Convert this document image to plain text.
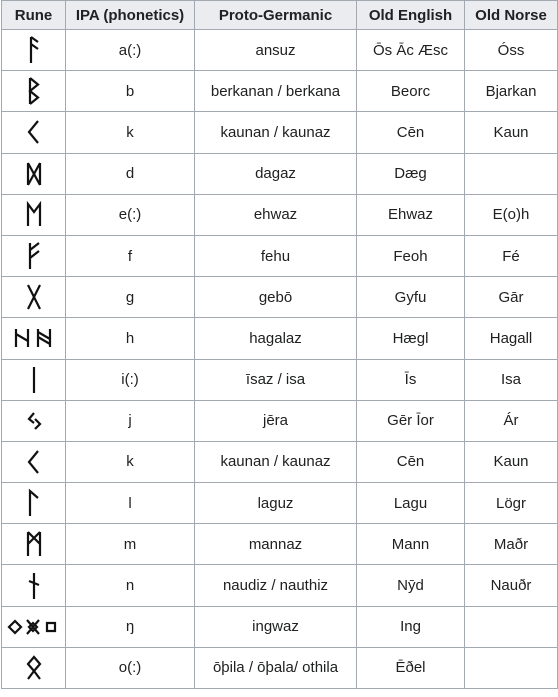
Rune	IPA (phonetics)	Proto-Germanic	Old English	Old Norse
	a(:)	ansuz	Ōs Āc Æsc	Óss
	b	berkanan / berkana	Beorc	Bjarkan
	k	kaunan / kaunaz	Cēn	Kaun
	d	dagaz	Dæg	
	e(:)	ehwaz	Ehwaz	E(o)h
	f	fehu	Feoh	Fé
	g	gebō	Gyfu	Gār
	h	hagalaz	Hægl	Hagall
	i(:)	īsaz / isa	Īs	Isa
	j	jēra	Gēr Īor	Ár
	k	kaunan / kaunaz	Cēn	Kaun
	l	laguz	Lagu	Lögr
	m	mannaz	Mann	Maðr
	n	naudiz / nauthiz	Nӯd	Nauðr
	ŋ	ingwaz	Ing	
	o(:)	ōþila / ōþala/ othila	Ēðel	
